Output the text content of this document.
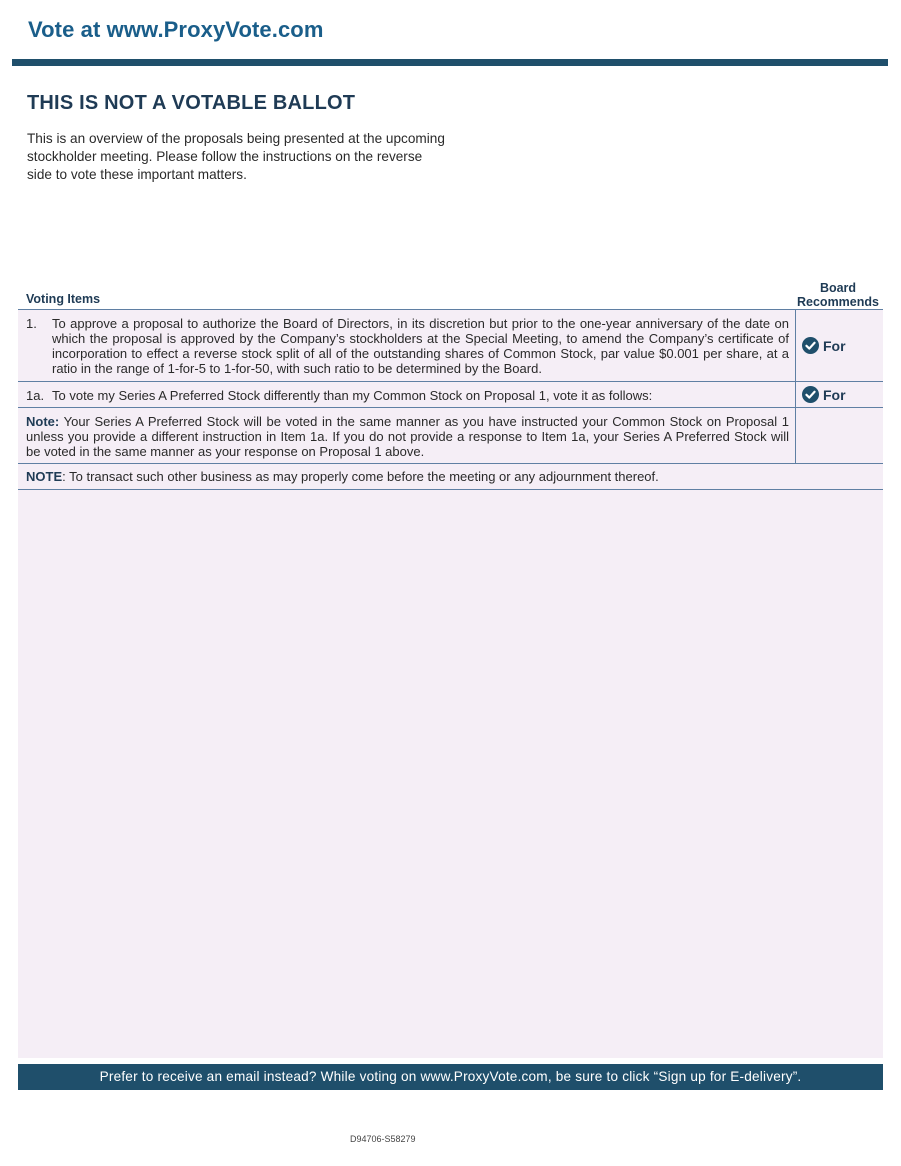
Vote at www.ProxyVote.com
THIS IS NOT A VOTABLE BALLOT
This is an overview of the proposals being presented at the upcoming stockholder meeting. Please follow the instructions on the reverse side to vote these important matters.
Voting Items
Board
Recommends
1.	To approve a proposal to authorize the Board of Directors, in its discretion but prior to the one-year anniversary of the date on which the proposal is approved by the Company’s stockholders at the Special Meeting, to amend the Company’s certificate of incorporation to effect a reverse stock split of all of the outstanding shares of Common Stock, par value $0.001 per share, at a ratio in the range of 1-for-5 to 1-for-50, with such ratio to be determined by the Board.
For
1a. To vote my Series A Preferred Stock differently than my Common Stock on Proposal 1, vote it as follows:	For
Note: Your Series A Preferred Stock will be voted in the same manner as you have instructed your Common Stock on Proposal 1 unless you provide a different instruction in Item 1a. If you do not provide a response to Item 1a, your Series A Preferred Stock will be voted in the same manner as your response on Proposal 1 above.
NOTE: To transact such other business as may properly come before the meeting or any adjournment thereof.
Prefer to receive an email instead? While voting on www.ProxyVote.com, be sure to click “Sign up for E-delivery”.
D94706-S58279
